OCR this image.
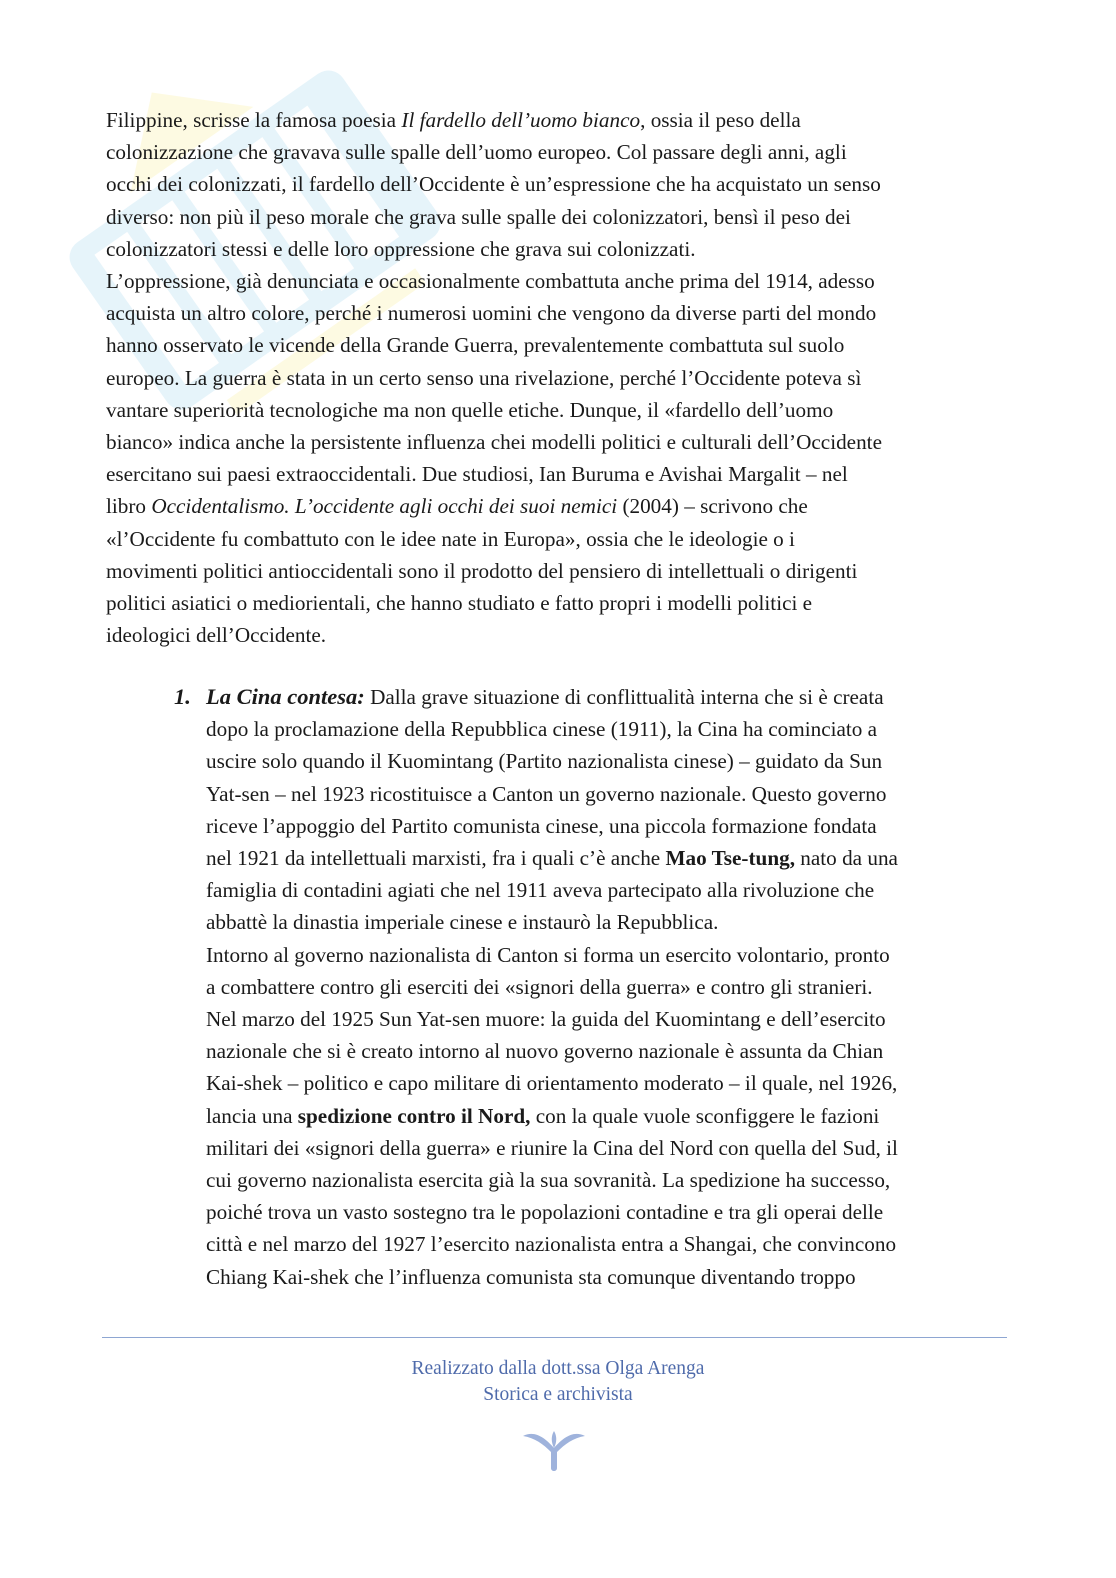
Filippine, scrisse la famosa poesia Il fardello dell’uomo bianco, ossia il peso della
colonizzazione che gravava sulle spalle dell’uomo europeo. Col passare degli anni, agli
occhi dei colonizzati, il fardello dell’Occidente è un’espressione che ha acquistato un senso
diverso: non più il peso morale che grava sulle spalle dei colonizzatori, bensì il peso dei
colonizzatori stessi e delle loro oppressione che grava sui colonizzati.

L’oppressione, già denunciata e occasionalmente combattuta anche prima del 1914, adesso
acquista un altro colore, perché i numerosi uomini che vengono da diverse parti del mondo
hanno osservato le vicende della Grande Guerra, prevalentemente combattuta sul suolo
europeo. La guerra è stata in un certo senso una rivelazione, perché l’Occidente poteva sì
vantare superiorità tecnologiche ma non quelle etiche. Dunque, il «fardello dell’uomo
bianco» indica anche la persistente influenza chei modelli politici e culturali dell’Occidente
esercitano sui paesi extraoccidentali. Due studiosi, Ian Buruma e Avishai Margalit – nel
libro Occidentalismo. L’occidente agli occhi dei suoi nemici (2004) – scrivono che
«l’Occidente fu combattuto con le idee nate in Europa», ossia che le ideologie o i
movimenti politici antioccidentali sono il prodotto del pensiero di intellettuali o dirigenti
politici asiatici o mediorientali, che hanno studiato e fatto propri i modelli politici e
ideologici dell’Occidente.

1. La Cina contesa: Dalla grave situazione di conflittualità interna che si è creata
dopo la proclamazione della Repubblica cinese (1911), la Cina ha cominciato a
uscire solo quando il Kuomintang (Partito nazionalista cinese) – guidato da Sun
Yat-sen – nel 1923 ricostituisce a Canton un governo nazionale. Questo governo
riceve l’appoggio del Partito comunista cinese, una piccola formazione fondata
nel 1921 da intellettuali marxisti, fra i quali c’è anche Mao Tse-tung, nato da una
famiglia di contadini agiati che nel 1911 aveva partecipato alla rivoluzione che
abbattè la dinastia imperiale cinese e instaurò la Repubblica.
Intorno al governo nazionalista di Canton si forma un esercito volontario, pronto
a combattere contro gli eserciti dei «signori della guerra» e contro gli stranieri.
Nel marzo del 1925 Sun Yat-sen muore: la guida del Kuomintang e dell’esercito
nazionale che si è creato intorno al nuovo governo nazionale è assunta da Chian
Kai-shek – politico e capo militare di orientamento moderato – il quale, nel 1926,
lancia una spedizione contro il Nord, con la quale vuole sconfiggere le fazioni
militari dei «signori della guerra» e riunire la Cina del Nord con quella del Sud, il
cui governo nazionalista esercita già la sua sovranità. La spedizione ha successo,
poiché trova un vasto sostegno tra le popolazioni contadine e tra gli operai delle
città e nel marzo del 1927 l’esercito nazionalista entra a Shangai, che convincono
Chiang Kai-shek che l’influenza comunista sta comunque diventando troppo
Realizzato dalla dott.ssa Olga Arenga
Storica e archivista
